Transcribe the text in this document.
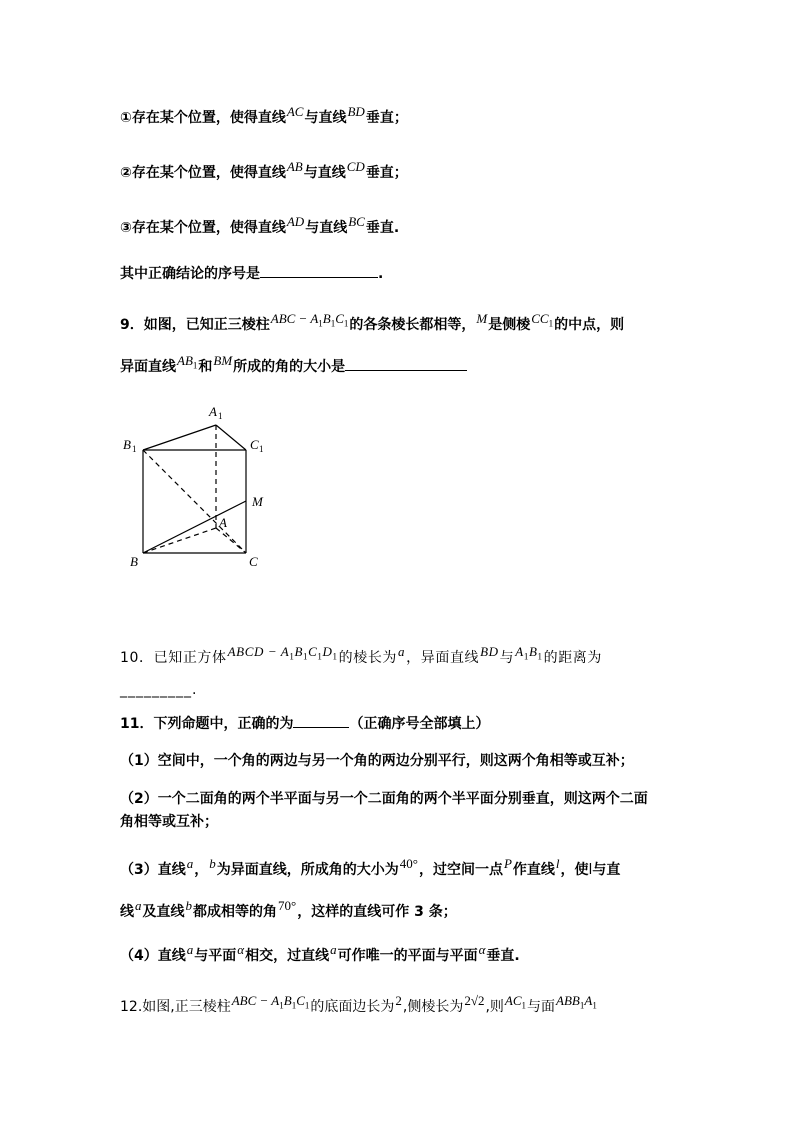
①存在某个位置，使得直线AC与直线BD垂直；
②存在某个位置，使得直线AB与直线CD垂直；
③存在某个位置，使得直线AD与直线BC垂直.
其中正确结论的序号是	.
9．如图，已知正三棱柱ABC − $A_1B_1C_1$的各条棱长都相等，M是侧棱$CC_1$的中点，则
异面直线$AB_1$和BM所成的角的大小是
A 1
B 1	C 1
M
A
B	C
10．已知正方体ABCD − $A_1B_1C_1D_1$的棱长为a，异面直线BD与$A_1B_1$的距离为
_________.
11．下列命题中，正确的为	（正确序号全部填上）
（1）空间中，一个角的两边与另一个角的两边分别平行，则这两个角相等或互补；
（2）一个二面角的两个半平面与另一个二面角的两个半平面分别垂直，则这两个二面
角相等或互补；
（3）直线a，b为异面直线，所成角的大小为40°，过空间一点P作直线l，使l与直
线a及直线b都成相等的角70°，这样的直线可作 3 条；
（4）直线a与平面α相交，过直线a可作唯一的平面与平面α垂直.
12.如图,正三棱柱ABC − $A_1B_1C_1$的底面边长为2,侧棱长为2√2,则$AC_1$与面$ABB_1A_1$
